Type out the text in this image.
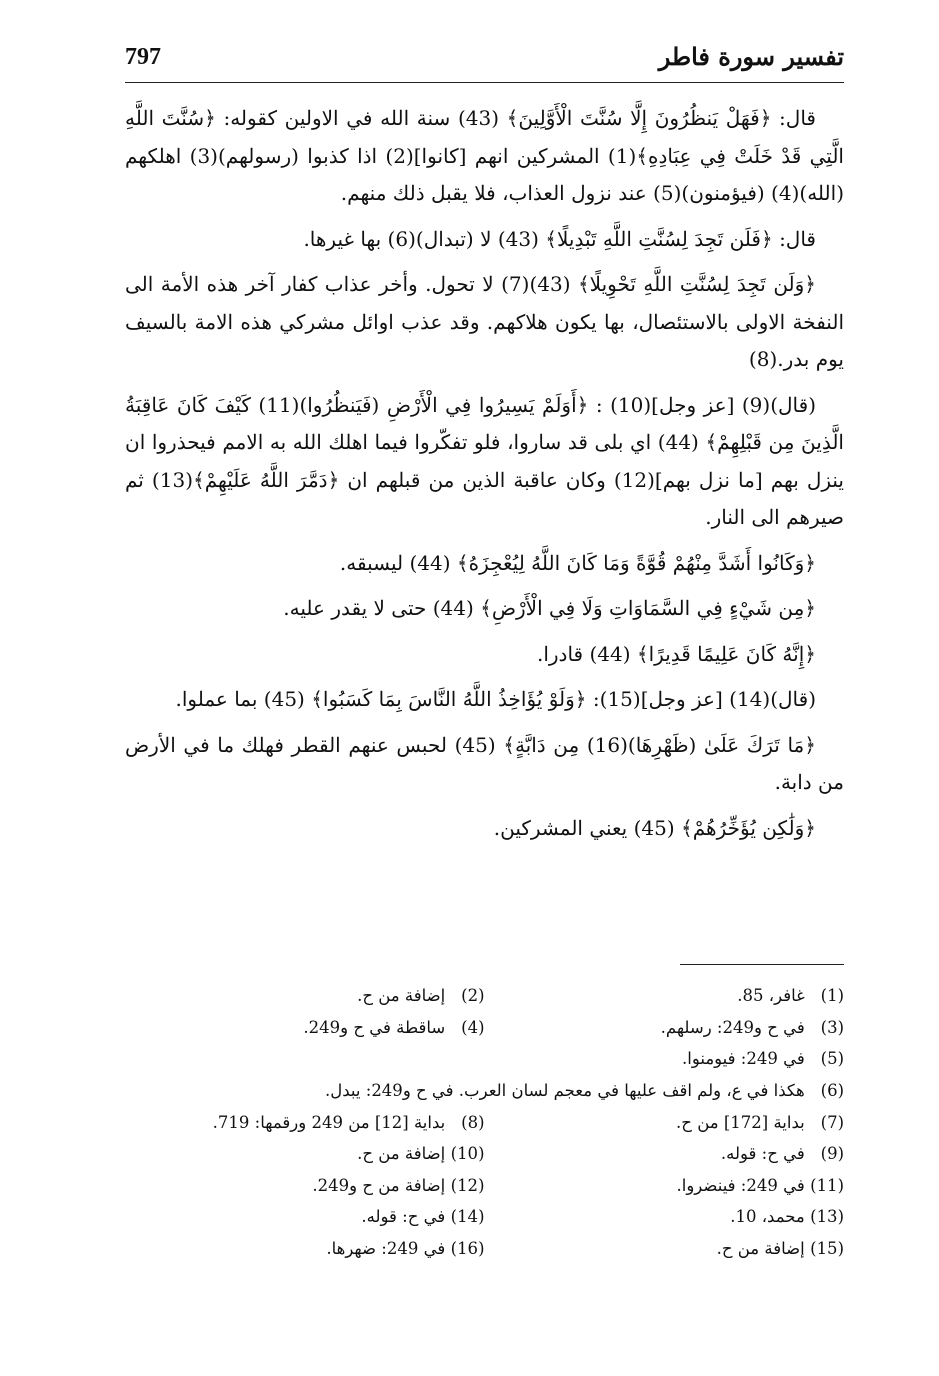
797	تفسير سورة فاطر

قال: ﴿فَهَلْ يَنظُرُونَ إِلَّا سُنَّتَ الْأَوَّلِينَ﴾ (43) سنة الله في الاولين كقوله: ﴿سُنَّتَ اللَّهِ الَّتِي قَدْ خَلَتْ فِي عِبَادِهِ﴾(1) المشركين انهم [كانوا](2) اذا كذبوا (رسولهم)(3) اهلكهم (الله)(4) (فيؤمنون)(5) عند نزول العذاب، فلا يقبل ذلك منهم.

قال: ﴿فَلَن تَجِدَ لِسُنَّتِ اللَّهِ تَبْدِيلًا﴾ (43) لا (تبدال)(6) بها غيرها.

﴿وَلَن تَجِدَ لِسُنَّتِ اللَّهِ تَحْوِيلًا﴾ (43)(7) لا تحول. وأخر عذاب كفار آخر هذه الأمة الى النفخة الاولى بالاستئصال، بها يكون هلاكهم. وقد عذب اوائل مشركي هذه الامة بالسيف يوم بدر.(8)

(قال)(9) [عز وجل](10) : ﴿أَوَلَمْ يَسِيرُوا فِي الْأَرْضِ (فَيَنظُرُوا)(11) كَيْفَ كَانَ عَاقِبَةُ الَّذِينَ مِن قَبْلِهِمْ﴾ (44) اي بلى قد ساروا، فلو تفكّروا فيما اهلك الله به الامم فيحذروا ان ينزل بهم [ما نزل بهم](12) وكان عاقبة الذين من قبلهم ان ﴿دَمَّرَ اللَّهُ عَلَيْهِمْ﴾(13) ثم صيرهم الى النار.

﴿وَكَانُوا أَشَدَّ مِنْهُمْ قُوَّةً وَمَا كَانَ اللَّهُ لِيُعْجِزَهُ﴾ (44) ليسبقه.

﴿مِن شَيْءٍ فِي السَّمَاوَاتِ وَلَا فِي الْأَرْضِ﴾ (44) حتى لا يقدر عليه.

﴿إِنَّهُ كَانَ عَلِيمًا قَدِيرًا﴾ (44) قادرا.

(قال)(14) [عز وجل](15): ﴿وَلَوْ يُؤَاخِذُ اللَّهُ النَّاسَ بِمَا كَسَبُوا﴾ (45) بما عملوا.

﴿مَا تَرَكَ عَلَىٰ (ظَهْرِهَا)(16) مِن دَابَّةٍ﴾ (45) لحبس عنهم القطر فهلك ما في الأرض من دابة.

﴿وَلَٰكِن يُؤَخِّرُهُمْ﴾ (45) يعني المشركين.

(1) غافر، 85.
(2) إضافة من ح.
(3) في ح و249: رسلهم.
(4) ساقطة في ح و249.
(5) في 249: فيومنوا.
(6) هكذا في ع، ولم اقف عليها في معجم لسان العرب. في ح و249: يبدل.
(7) بداية [172] من ح.
(8) بداية [12] من 249 ورقمها: 719.
(9) في ح: قوله.
(10) إضافة من ح.
(11) في 249: فينضروا.
(12) إضافة من ح و249.
(13) محمد، 10.
(14) في ح: قوله.
(15) إضافة من ح.
(16) في 249: ضهرها.
